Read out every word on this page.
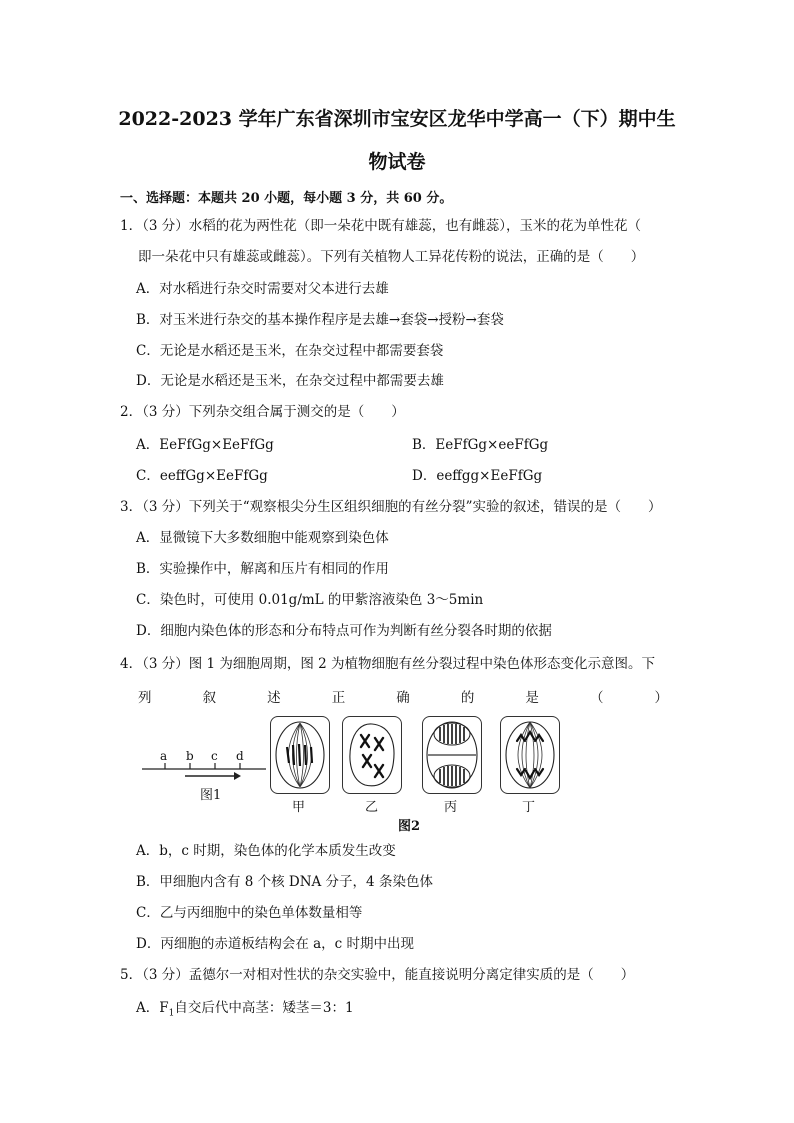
2022-2023 学年广东省深圳市宝安区龙华中学高一（下）期中生
物试卷
一、选择题：本题共 20 小题，每小题 3 分，共 60 分。
1．（3 分）水稻的花为两性花（即一朵花中既有雄蕊，也有雌蕊），玉米的花为单性花（
即一朵花中只有雄蕊或雌蕊）。下列有关植物人工异花传粉的说法，正确的是（　　）
A．对水稻进行杂交时需要对父本进行去雄
B．对玉米进行杂交的基本操作程序是去雄→套袋→授粉→套袋
C．无论是水稻还是玉米，在杂交过程中都需要套袋
D．无论是水稻还是玉米，在杂交过程中都需要去雄
2．（3 分）下列杂交组合属于测交的是（　　）
A．EeFfGg×EeFfGg	B．EeFfGg×eeFfGg
C．eeffGg×EeFfGg	D．eeffgg×EeFfGg
3．（3 分）下列关于“观察根尖分生区组织细胞的有丝分裂”实验的叙述，错误的是（　　）
A．显微镜下大多数细胞中能观察到染色体
B．实验操作中，解离和压片有相同的作用
C．染色时，可使用 0.01g/mL 的甲紫溶液染色 3～5min
D．细胞内染色体的形态和分布特点可作为判断有丝分裂各时期的依据
4．（3 分）图 1 为细胞周期，图 2 为植物细胞有丝分裂过程中染色体形态变化示意图。下
列	叙	述	正	确	的	是	（	）
a b c d
图1
甲	乙	丙	丁
图2
A．b，c 时期，染色体的化学本质发生改变
B．甲细胞内含有 8 个核 DNA 分子，4 条染色体
C．乙与丙细胞中的染色单体数量相等
D．丙细胞的赤道板结构会在 a，c 时期中出现
5．（3 分）孟德尔一对相对性状的杂交实验中，能直接说明分离定律实质的是（　　）
A．$F_1$自交后代中高茎：矮茎＝3：1
